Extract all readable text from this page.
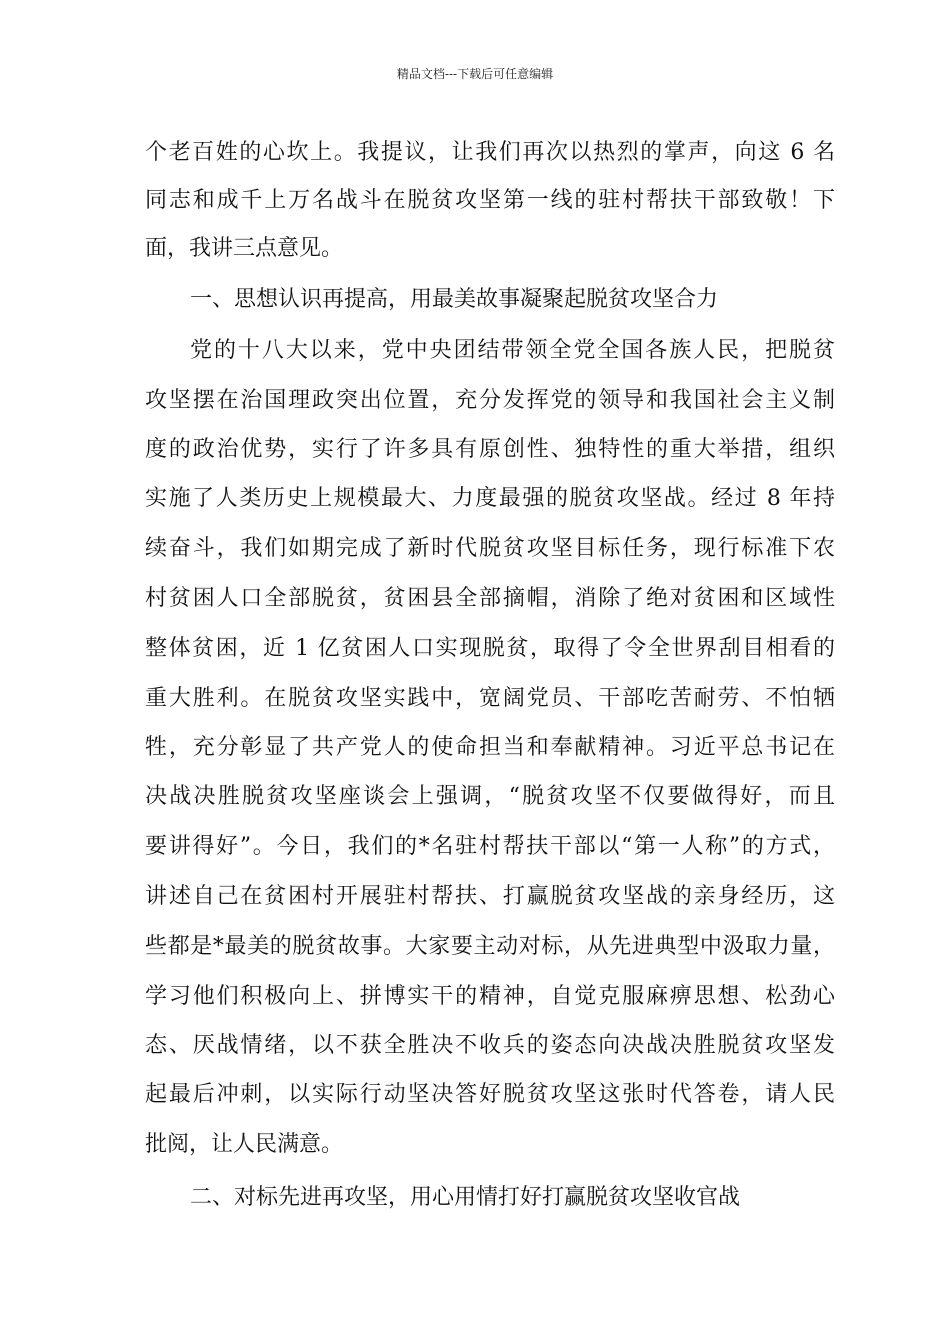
精品文档---下载后可任意编辑
个老百姓的心坎上。我提议，让我们再次以热烈的掌声，向这 6 名
同志和成千上万名战斗在脱贫攻坚第一线的驻村帮扶干部致敬！下
面，我讲三点意见。
一、思想认识再提高，用最美故事凝聚起脱贫攻坚合力
党的十八大以来，党中央团结带领全党全国各族人民，把脱贫
攻坚摆在治国理政突出位置，充分发挥党的领导和我国社会主义制
度的政治优势，实行了许多具有原创性、独特性的重大举措，组织
实施了人类历史上规模最大、力度最强的脱贫攻坚战。经过 8 年持
续奋斗，我们如期完成了新时代脱贫攻坚目标任务，现行标准下农
村贫困人口全部脱贫，贫困县全部摘帽，消除了绝对贫困和区域性
整体贫困，近 1 亿贫困人口实现脱贫，取得了令全世界刮目相看的
重大胜利。在脱贫攻坚实践中，宽阔党员、干部吃苦耐劳、不怕牺
牲，充分彰显了共产党人的使命担当和奉献精神。习近平总书记在
决战决胜脱贫攻坚座谈会上强调，“脱贫攻坚不仅要做得好，而且
要讲得好”。今日，我们的*名驻村帮扶干部以“第一人称”的方式，
讲述自己在贫困村开展驻村帮扶、打赢脱贫攻坚战的亲身经历，这
些都是*最美的脱贫故事。大家要主动对标，从先进典型中汲取力量，
学习他们积极向上、拼博实干的精神，自觉克服麻痹思想、松劲心
态、厌战情绪，以不获全胜决不收兵的姿态向决战决胜脱贫攻坚发
起最后冲刺，以实际行动坚决答好脱贫攻坚这张时代答卷，请人民
批阅，让人民满意。
二、对标先进再攻坚，用心用情打好打赢脱贫攻坚收官战
